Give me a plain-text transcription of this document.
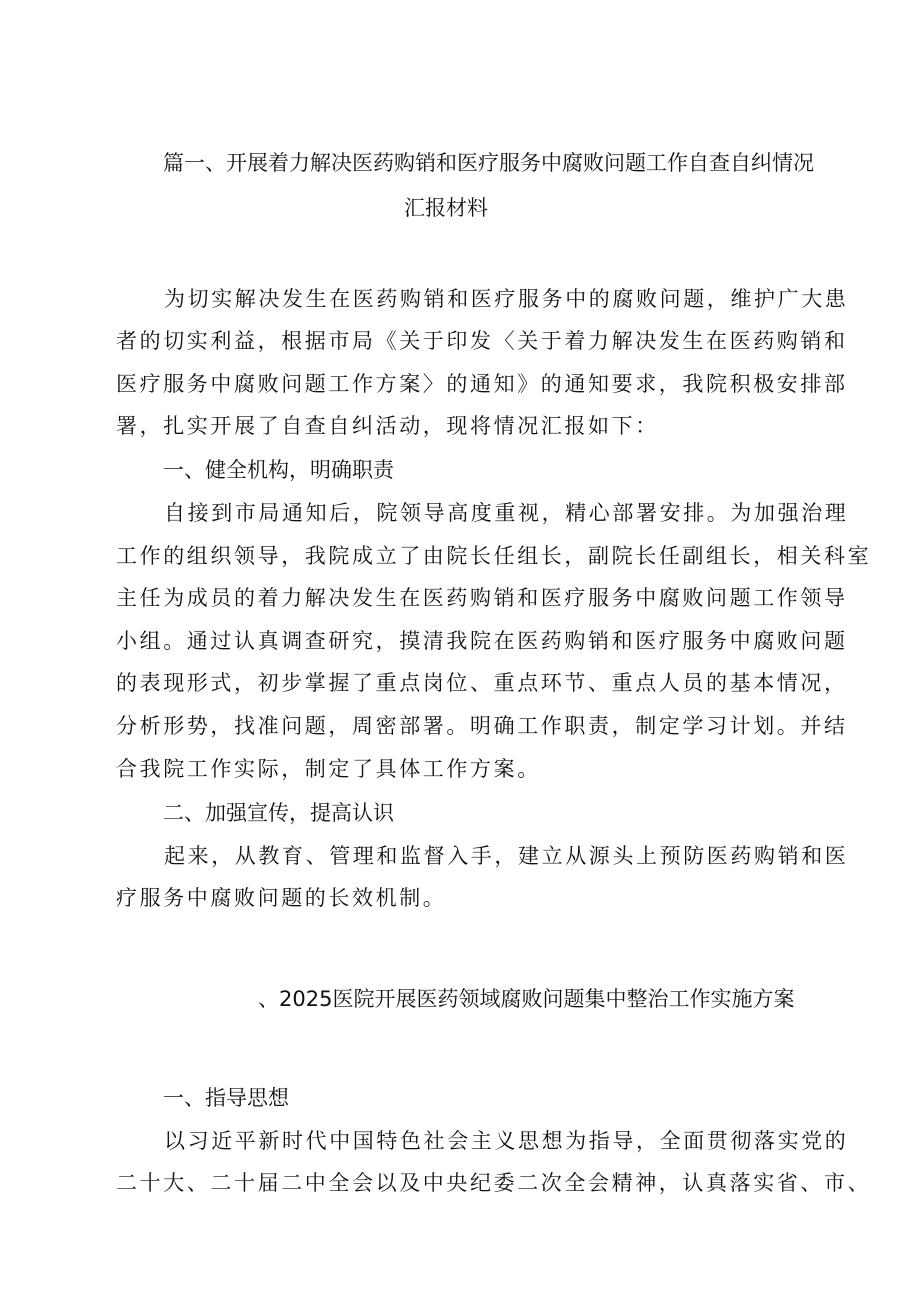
篇一、开展着力解决医药购销和医疗服务中腐败问题工作自查自纠情况
汇报材料
为切实解决发生在医药购销和医疗服务中的腐败问题，维护广大患
者的切实利益，根据市局《关于印发〈关于着力解决发生在医药购销和
医疗服务中腐败问题工作方案〉的通知》的通知要求，我院积极安排部
署，扎实开展了自查自纠活动，现将情况汇报如下：
一、健全机构，明确职责
自接到市局通知后，院领导高度重视，精心部署安排。为加强治理
工作的组织领导，我院成立了由院长任组长，副院长任副组长，相关科室
主任为成员的着力解决发生在医药购销和医疗服务中腐败问题工作领导
小组。通过认真调查研究，摸清我院在医药购销和医疗服务中腐败问题
的表现形式，初步掌握了重点岗位、重点环节、重点人员的基本情况，
分析形势，找准问题，周密部署。明确工作职责，制定学习计划。并结
合我院工作实际，制定了具体工作方案。
二、加强宣传，提高认识
起来，从教育、管理和监督入手，建立从源头上预防医药购销和医
疗服务中腐败问题的长效机制。
、2025医院开展医药领域腐败问题集中整治工作实施方案
一、指导思想
以习近平新时代中国特色社会主义思想为指导，全面贯彻落实党的
二十大、二十届二中全会以及中央纪委二次全会精神，认真落实省、市、
